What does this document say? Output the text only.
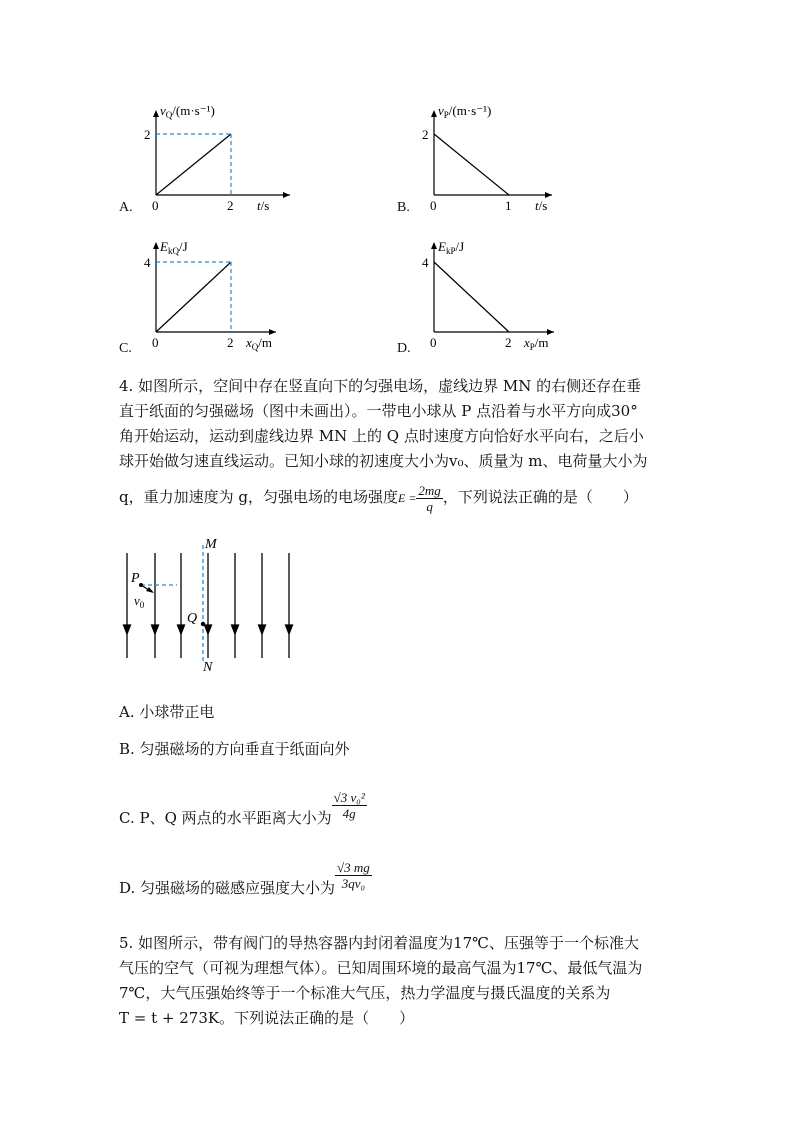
A.
$v_Q/(m\cdot s^{-1})$
2
0	2 t/s	B.
$v_P/(m\cdot s^{-1})$
2
0	1 t/s
C.
$E_{kQ}/J$
4
0	2 $x_Q/m$	D.
$E_{kP}/J$
4
0	2 $x_P/m$
4. 如图所示，空间中存在竖直向下的匀强电场，虚线边界 MN 的右侧还存在垂
直于纸面的匀强磁场（图中未画出）。一带电小球从 P 点沿着与水平方向成30°
角开始运动，运动到虚线边界 MN 上的 Q 点时速度方向恰好水平向右，之后小
球开始做匀速直线运动。已知小球的初速度大小为v₀、质量为 m、电荷量大小为
q，重力加速度为 g，匀强电场的电场强度$E = \frac{2mg}{q}$ ，下列说法正确的是（　　）
M
N
P
Q
$v_0$
A. 小球带正电
B. 匀强磁场的方向垂直于纸面向外
C. P、Q 两点的水平距离大小为 $\frac{\text{√3 v₀²}}{4g}$
D. 匀强磁场的磁感应强度大小为 $\frac{√3 mg}{\text{3qv₀}}$
5. 如图所示，带有阀门的导热容器内封闭着温度为17℃、压强等于一个标准大
气压的空气（可视为理想气体）。已知周围环境的最高气温为17℃、最低气温为
7℃，大气压强始终等于一个标准大气压，热力学温度与摄氏温度的关系为
T = t + 273K。下列说法正确的是（　　）
